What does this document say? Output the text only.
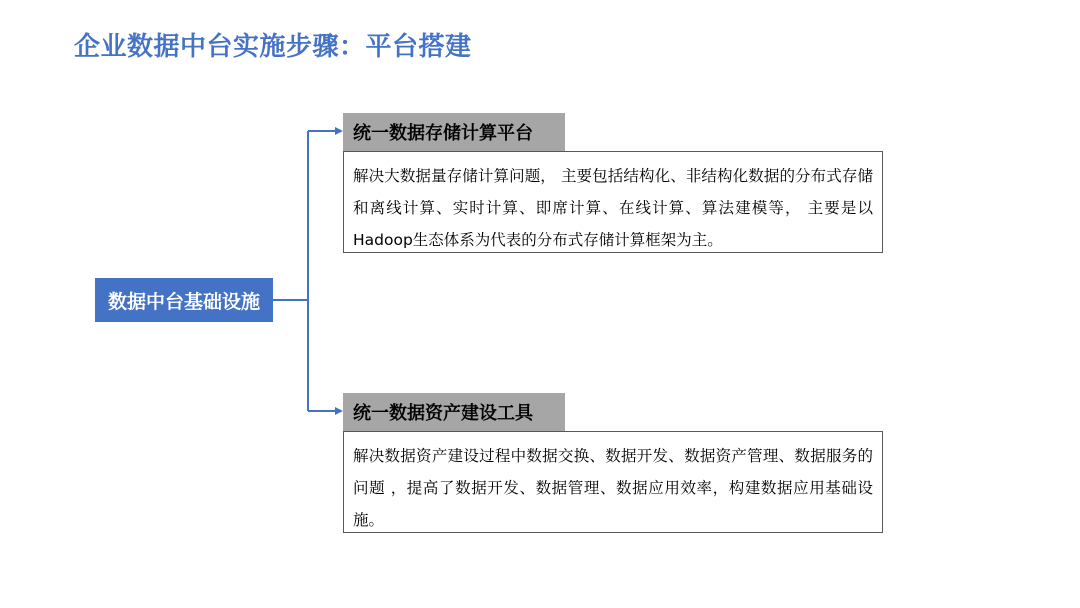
企业数据中台实施步骤：平台搭建
数据中台基础设施
统一数据存储计算平台
解决大数据量存储计算问题， 主要包括结构化、非结构化数据的分布式存储和离线计算、实时计算、即席计算、在线计算、算法建模等， 主要是以Hadoop生态体系为代表的分布式存储计算框架为主。
统一数据资产建设工具
解决数据资产建设过程中数据交换、数据开发、数据资产管理、数据服务的问题 ，提高了数据开发、数据管理、数据应用效率，构建数据应用基础设施。
